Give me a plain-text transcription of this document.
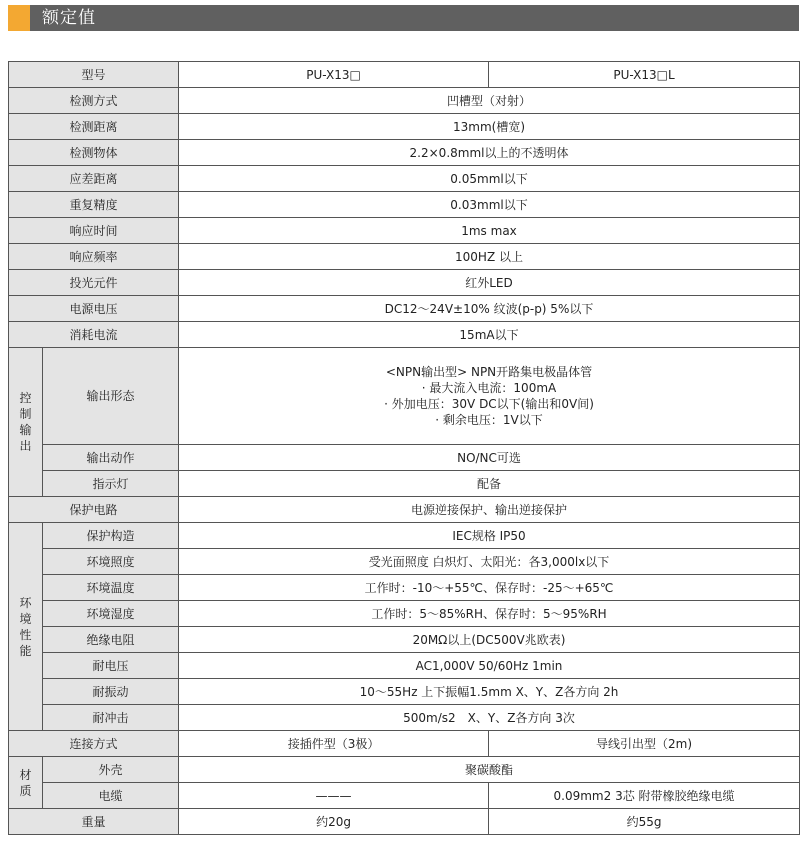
额定值
型号		PU-X13□	PU-X13□L
检测方式		凹槽型（对射）	
检测距离		13mm(槽宽)	
检测物体		2.2×0.8mml以上的不透明体	
应差距离		0.05mml以下	
重复精度		0.03mml以下	
响应时间		1ms max	
响应频率		100HZ 以上	
投光元件		红外LED	
电源电压		DC12～24V±10% 纹波(p-p) 5%以下	
消耗电流		15mA以下	

控制输出	输出形态	<NPN输出型> NPN开路集电极晶体管
· 最大流入电流：100mA
· 外加电压：30V DC以下(输出和0V间)
· 剩余电压：1V以下	

	输出动作	NO/NC可选	
	指示灯	配备	
保护电路		电源逆接保护、输出逆接保护	

环境性能	保护构造	IEC规格 IP50	
	环境照度	受光面照度 白炽灯、太阳光：各3,000lx以下	
	环境温度	工作时：-10～+55℃、保存时：-25～+65℃	
	环境湿度	工作时：5～85%RH、保存时：5～95%RH	
	绝缘电阻	20MΩ以上(DC500V兆欧表)	
	耐电压	AC1,000V 50/60Hz 1min	
	耐振动	10～55Hz 上下振幅1.5mm X、Y、Z各方向 2h	
	耐冲击	500m/s2　X、Y、Z各方向 3次	
连接方式		接插件型（3极）	导线引出型（2m)

材质	外壳	聚碳酸酯	
	电缆	———	0.09mm2 3芯 附带橡胶绝缘电缆
重量		约20g	约55g
